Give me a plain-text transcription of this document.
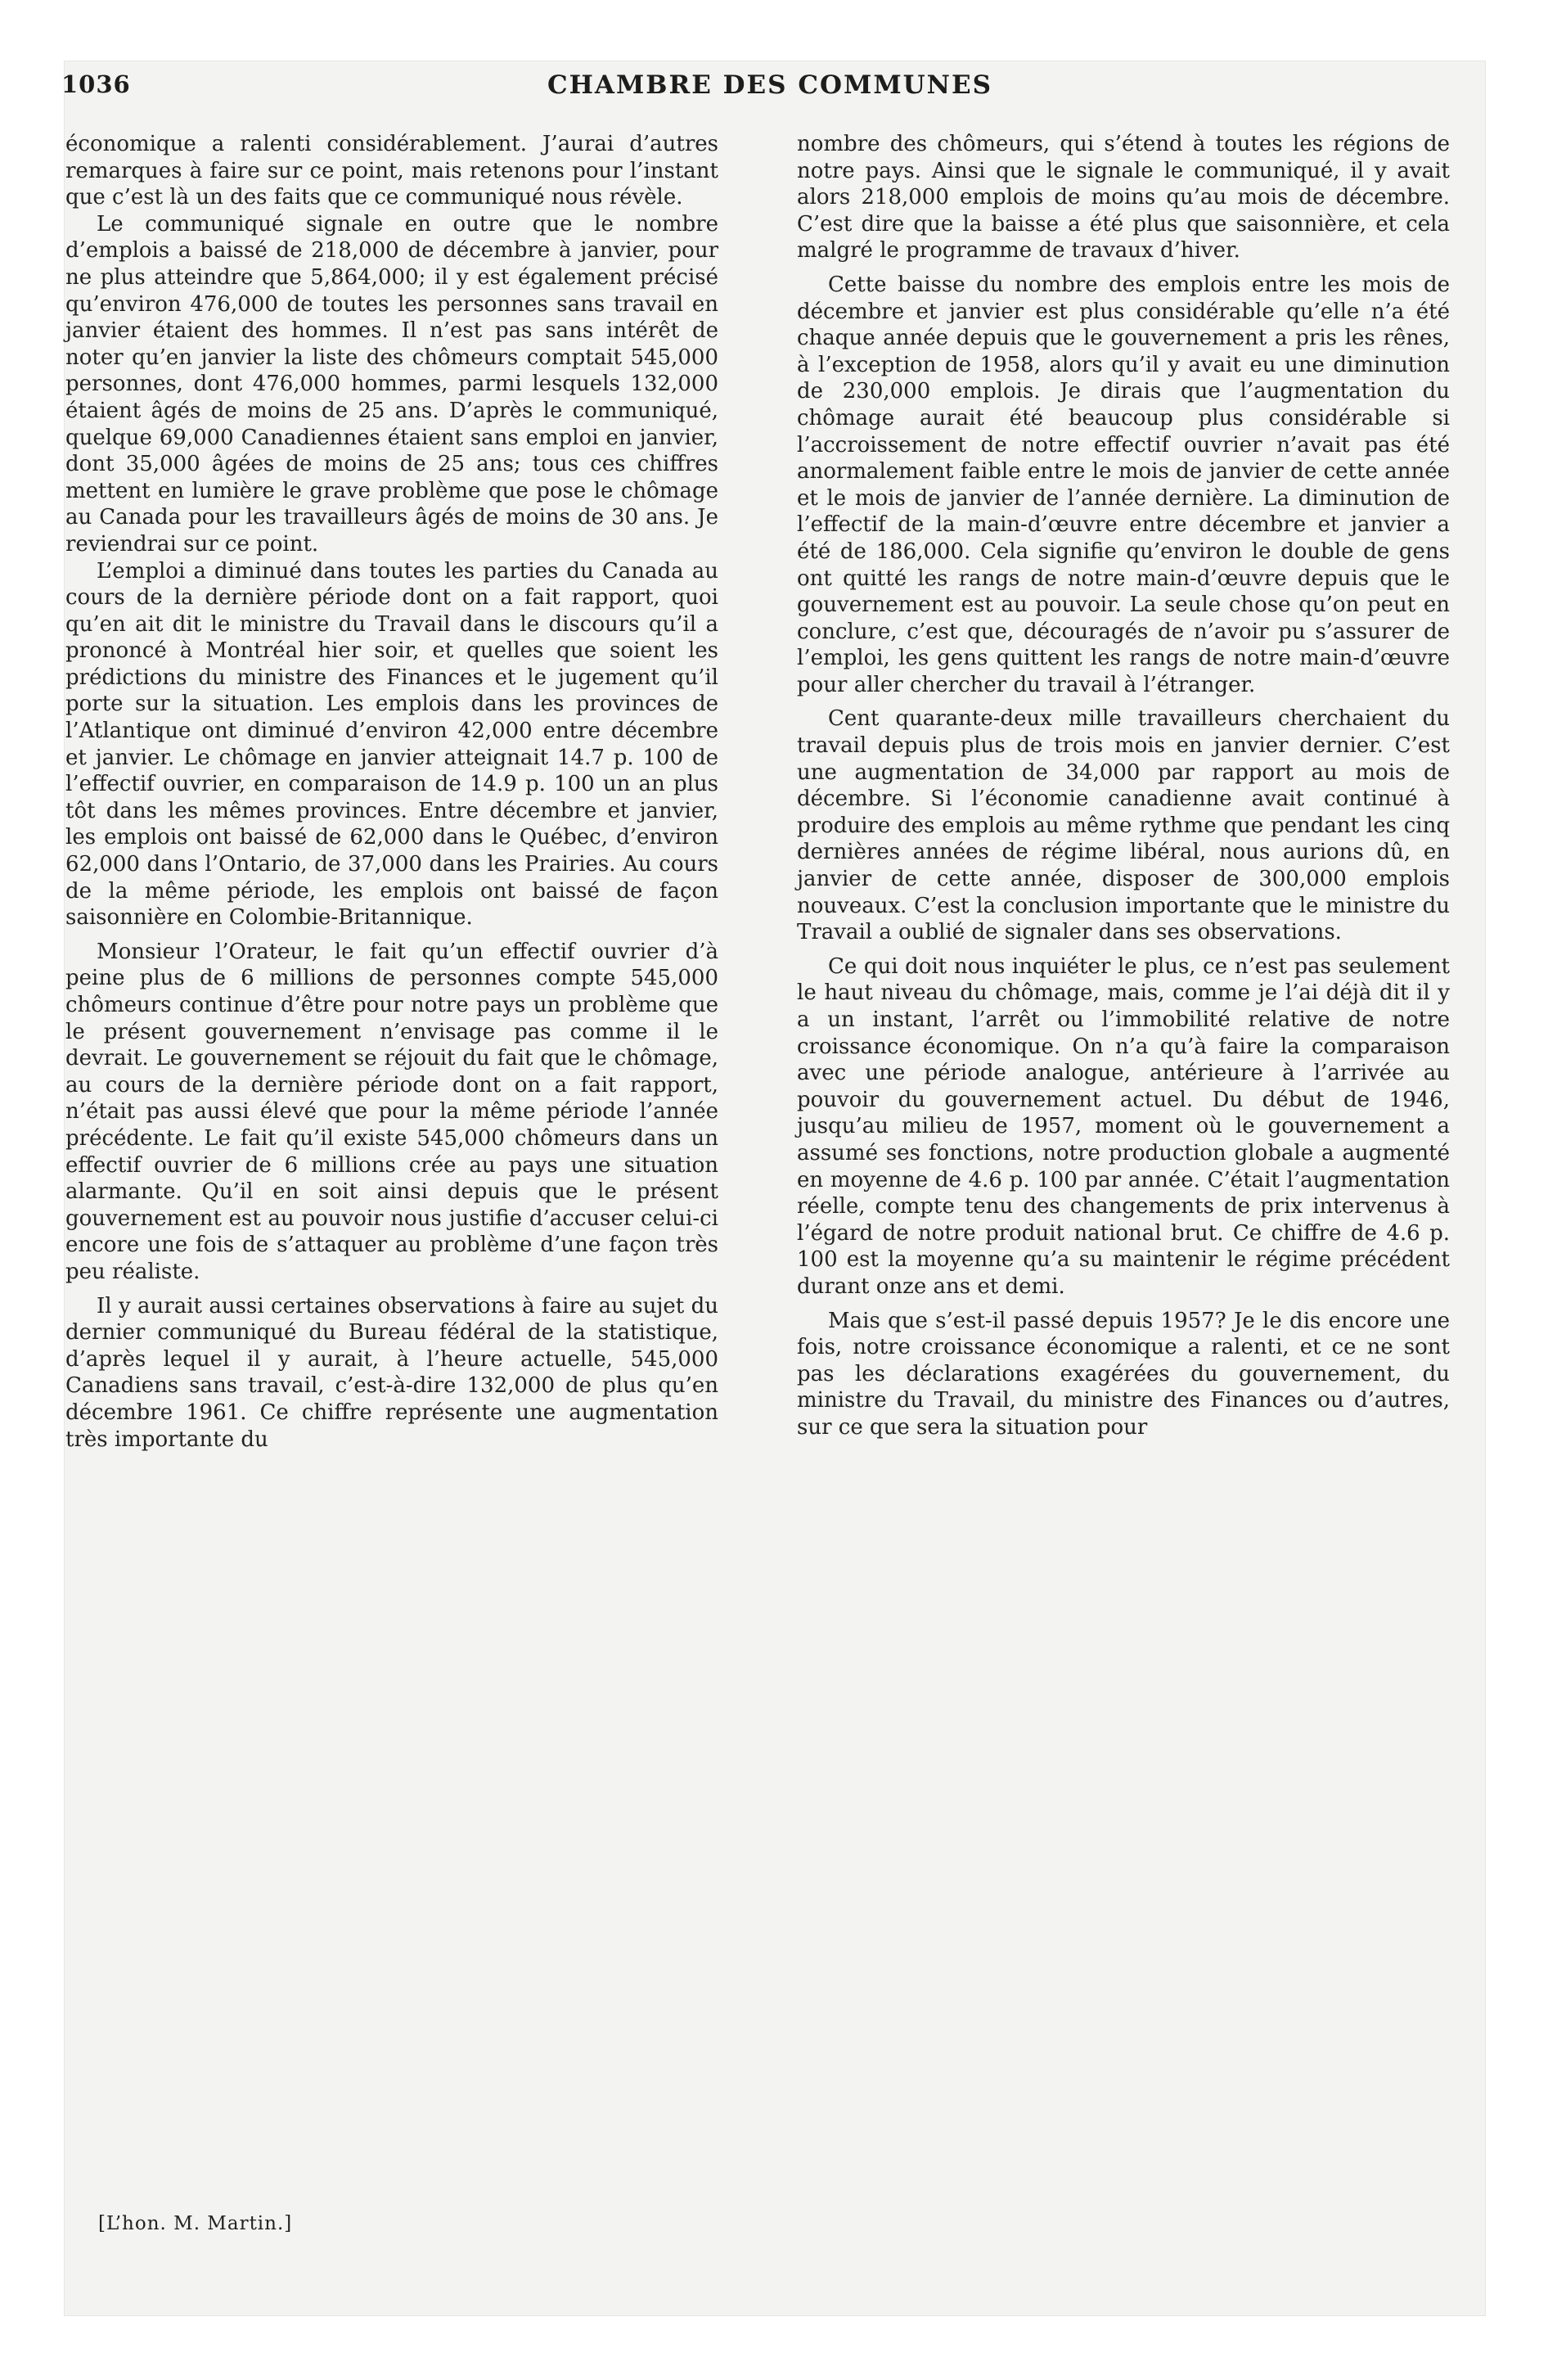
1036	CHAMBRE DES COMMUNES

économique a ralenti considérablement. J’aurai d’autres remarques à faire sur ce point, mais retenons pour l’instant que c’est là un des faits que ce communiqué nous révèle.

Le communiqué signale en outre que le nombre d’emplois a baissé de 218,000 de décembre à janvier, pour ne plus atteindre que 5,864,000; il y est également précisé qu’environ 476,000 de toutes les personnes sans travail en janvier étaient des hommes. Il n’est pas sans intérêt de noter qu’en janvier la liste des chômeurs comptait 545,000 personnes, dont 476,000 hommes, parmi lesquels 132,000 étaient âgés de moins de 25 ans. D’après le communiqué, quelque 69,000 Canadiennes étaient sans emploi en janvier, dont 35,000 âgées de moins de 25 ans; tous ces chiffres mettent en lumière le grave problème que pose le chômage au Canada pour les travailleurs âgés de moins de 30 ans. Je reviendrai sur ce point.

L’emploi a diminué dans toutes les parties du Canada au cours de la dernière période dont on a fait rapport, quoi qu’en ait dit le ministre du Travail dans le discours qu’il a prononcé à Montréal hier soir, et quelles que soient les prédictions du ministre des Finances et le jugement qu’il porte sur la situation. Les emplois dans les provinces de l’Atlantique ont diminué d’environ 42,000 entre décembre et janvier. Le chômage en janvier atteignait 14.7 p. 100 de l’effectif ouvrier, en comparaison de 14.9 p. 100 un an plus tôt dans les mêmes provinces. Entre décembre et janvier, les emplois ont baissé de 62,000 dans le Québec, d’environ 62,000 dans l’Ontario, de 37,000 dans les Prairies. Au cours de la même période, les emplois ont baissé de façon saisonnière en Colombie-Britannique.

Monsieur l’Orateur, le fait qu’un effectif ouvrier d’à peine plus de 6 millions de personnes compte 545,000 chômeurs continue d’être pour notre pays un problème que le présent gouvernement n’envisage pas comme il le devrait. Le gouvernement se réjouit du fait que le chômage, au cours de la dernière période dont on a fait rapport, n’était pas aussi élevé que pour la même période l’année précédente. Le fait qu’il existe 545,000 chômeurs dans un effectif ouvrier de 6 millions crée au pays une situation alarmante. Qu’il en soit ainsi depuis que le présent gouvernement est au pouvoir nous justifie d’accuser celui-ci encore une fois de s’attaquer au problème d’une façon très peu réaliste.

Il y aurait aussi certaines observations à faire au sujet du dernier communiqué du Bureau fédéral de la statistique, d’après lequel il y aurait, à l’heure actuelle, 545,000 Canadiens sans travail, c’est-à-dire 132,000 de plus qu’en décembre 1961. Ce chiffre représente une augmentation très importante du

nombre des chômeurs, qui s’étend à toutes les régions de notre pays. Ainsi que le signale le communiqué, il y avait alors 218,000 emplois de moins qu’au mois de décembre. C’est dire que la baisse a été plus que saisonnière, et cela malgré le programme de travaux d’hiver.

Cette baisse du nombre des emplois entre les mois de décembre et janvier est plus considérable qu’elle n’a été chaque année depuis que le gouvernement a pris les rênes, à l’exception de 1958, alors qu’il y avait eu une diminution de 230,000 emplois. Je dirais que l’augmentation du chômage aurait été beaucoup plus considérable si l’accroissement de notre effectif ouvrier n’avait pas été anormalement faible entre le mois de janvier de cette année et le mois de janvier de l’année dernière. La diminution de l’effectif de la main-d’œuvre entre décembre et janvier a été de 186,000. Cela signifie qu’environ le double de gens ont quitté les rangs de notre main-d’œuvre depuis que le gouvernement est au pouvoir. La seule chose qu’on peut en conclure, c’est que, découragés de n’avoir pu s’assurer de l’emploi, les gens quittent les rangs de notre main-d’œuvre pour aller chercher du travail à l’étranger.

Cent quarante-deux mille travailleurs cherchaient du travail depuis plus de trois mois en janvier dernier. C’est une augmentation de 34,000 par rapport au mois de décembre. Si l’économie canadienne avait continué à produire des emplois au même rythme que pendant les cinq dernières années de régime libéral, nous aurions dû, en janvier de cette année, disposer de 300,000 emplois nouveaux. C’est la conclusion importante que le ministre du Travail a oublié de signaler dans ses observations.

Ce qui doit nous inquiéter le plus, ce n’est pas seulement le haut niveau du chômage, mais, comme je l’ai déjà dit il y a un instant, l’arrêt ou l’immobilité relative de notre croissance économique. On n’a qu’à faire la comparaison avec une période analogue, antérieure à l’arrivée au pouvoir du gouvernement actuel. Du début de 1946, jusqu’au milieu de 1957, moment où le gouvernement a assumé ses fonctions, notre production globale a augmenté en moyenne de 4.6 p. 100 par année. C’était l’augmentation réelle, compte tenu des changements de prix intervenus à l’égard de notre produit national brut. Ce chiffre de 4.6 p. 100 est la moyenne qu’a su maintenir le régime précédent durant onze ans et demi.

Mais que s’est-il passé depuis 1957? Je le dis encore une fois, notre croissance économique a ralenti, et ce ne sont pas les déclarations exagérées du gouvernement, du ministre du Travail, du ministre des Finances ou d’autres, sur ce que sera la situation pour

[L’hon. M. Martin.]
